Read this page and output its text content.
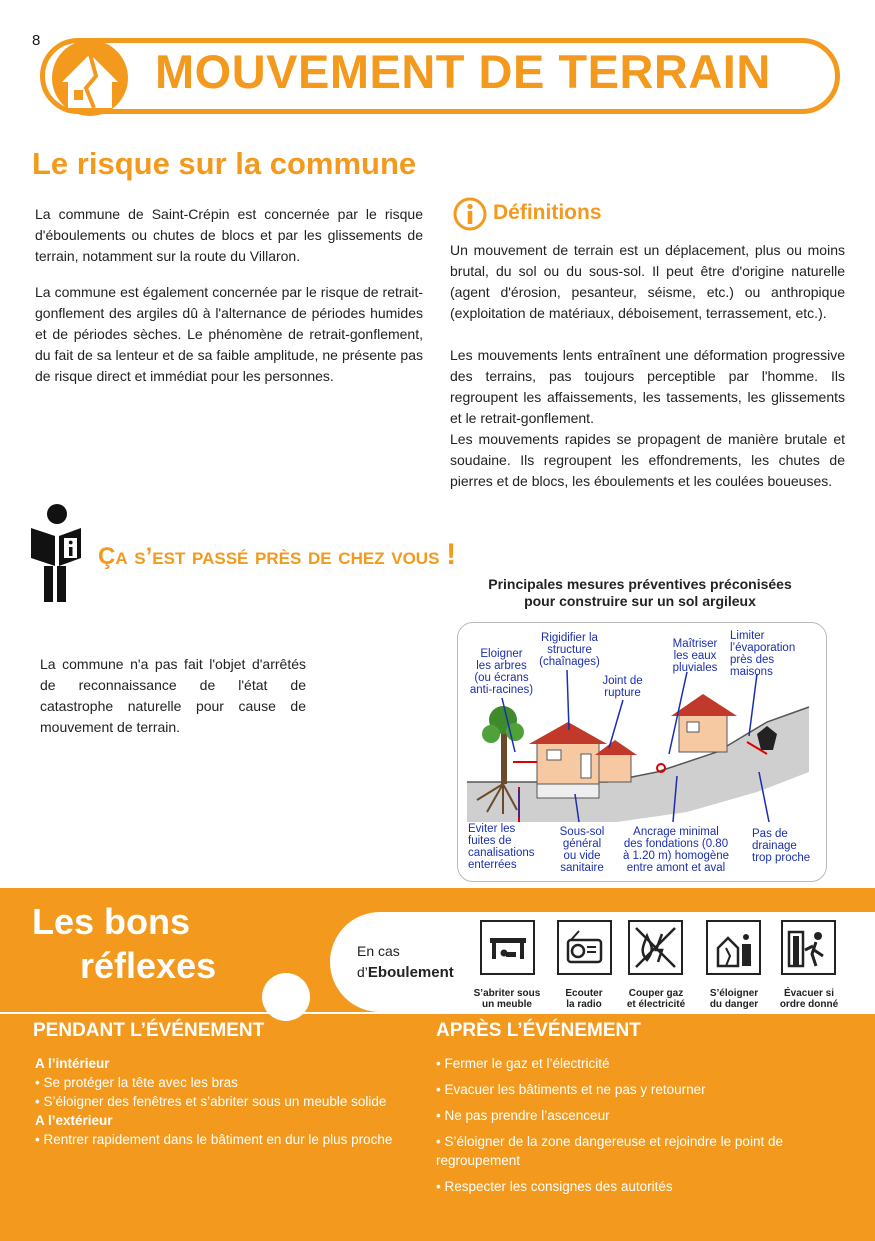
8
MOUVEMENT DE TERRAIN
Le risque sur la commune
La commune de Saint-Crépin est concernée par le risque d'éboulements ou chutes de blocs et par les glissements de terrain, notamment sur la route du Villaron.
La commune est également concernée par le risque de retrait-gonflement des argiles dû à l'alternance de périodes humides et de périodes sèches. Le phénomène de retrait-gonflement, du fait de sa lenteur et de sa faible amplitude, ne présente pas de risque direct et immédiat pour les personnes.
Définitions
Un mouvement de terrain est un déplacement, plus ou moins brutal, du sol ou du sous-sol. Il peut être d'origine naturelle (agent d'érosion, pesanteur, séisme, etc.) ou anthropique (exploitation de matériaux, déboisement, terrassement, etc.).
Les mouvements lents entraînent une déformation progressive des terrains, pas toujours perceptible par l'homme. Ils regroupent les affaissements, les tassements, les glissements et le retrait-gonflement.
Les mouvements rapides se propagent de manière brutale et soudaine. Ils regroupent les effondrements, les chutes de pierres et de blocs, les éboulements et les coulées boueuses.
Ça s’est passé près de chez vous !
La commune n'a pas fait l'objet d'arrêtés de reconnaissance de l'état de catastrophe naturelle pour cause de mouvement de terrain.
Principales mesures préventives préconisées
pour construire sur un sol argileux
Eloigner
les arbres
(ou écrans
anti-racines)
Rigidifier la
structure
(chaînages)
Joint de
rupture
Maîtriser
les eaux
pluviales
Limiter
l’évaporation
près des
maisons
Eviter les
fuites de
canalisations
enterrées
Sous-sol
général
ou vide
sanitaire
Ancrage minimal
des fondations (0.80
à 1.20 m) homogène
entre amont et aval
Pas de
drainage
trop proche
Les bons
réflexes	En cas
d’Eboulement
S’abriter sous
un meuble
Ecouter
la radio
Couper gaz
et électricité
S’éloigner
du danger
Évacuer si
ordre donné
PENDANT L’ÉVÉNEMENT
A l’intérieur
• Se protéger la tête avec les bras
• S’éloigner des fenêtres et s’abriter sous un meuble solide
A l’extérieur
• Rentrer rapidement dans le bâtiment en dur le plus proche
APRÈS L’ÉVÉNEMENT
• Fermer le gaz et l’électricité
• Evacuer les bâtiments et ne pas y retourner
• Ne pas prendre l’ascenceur
• S’éloigner de la zone dangereuse et rejoindre le point de regroupement
• Respecter les consignes des autorités
